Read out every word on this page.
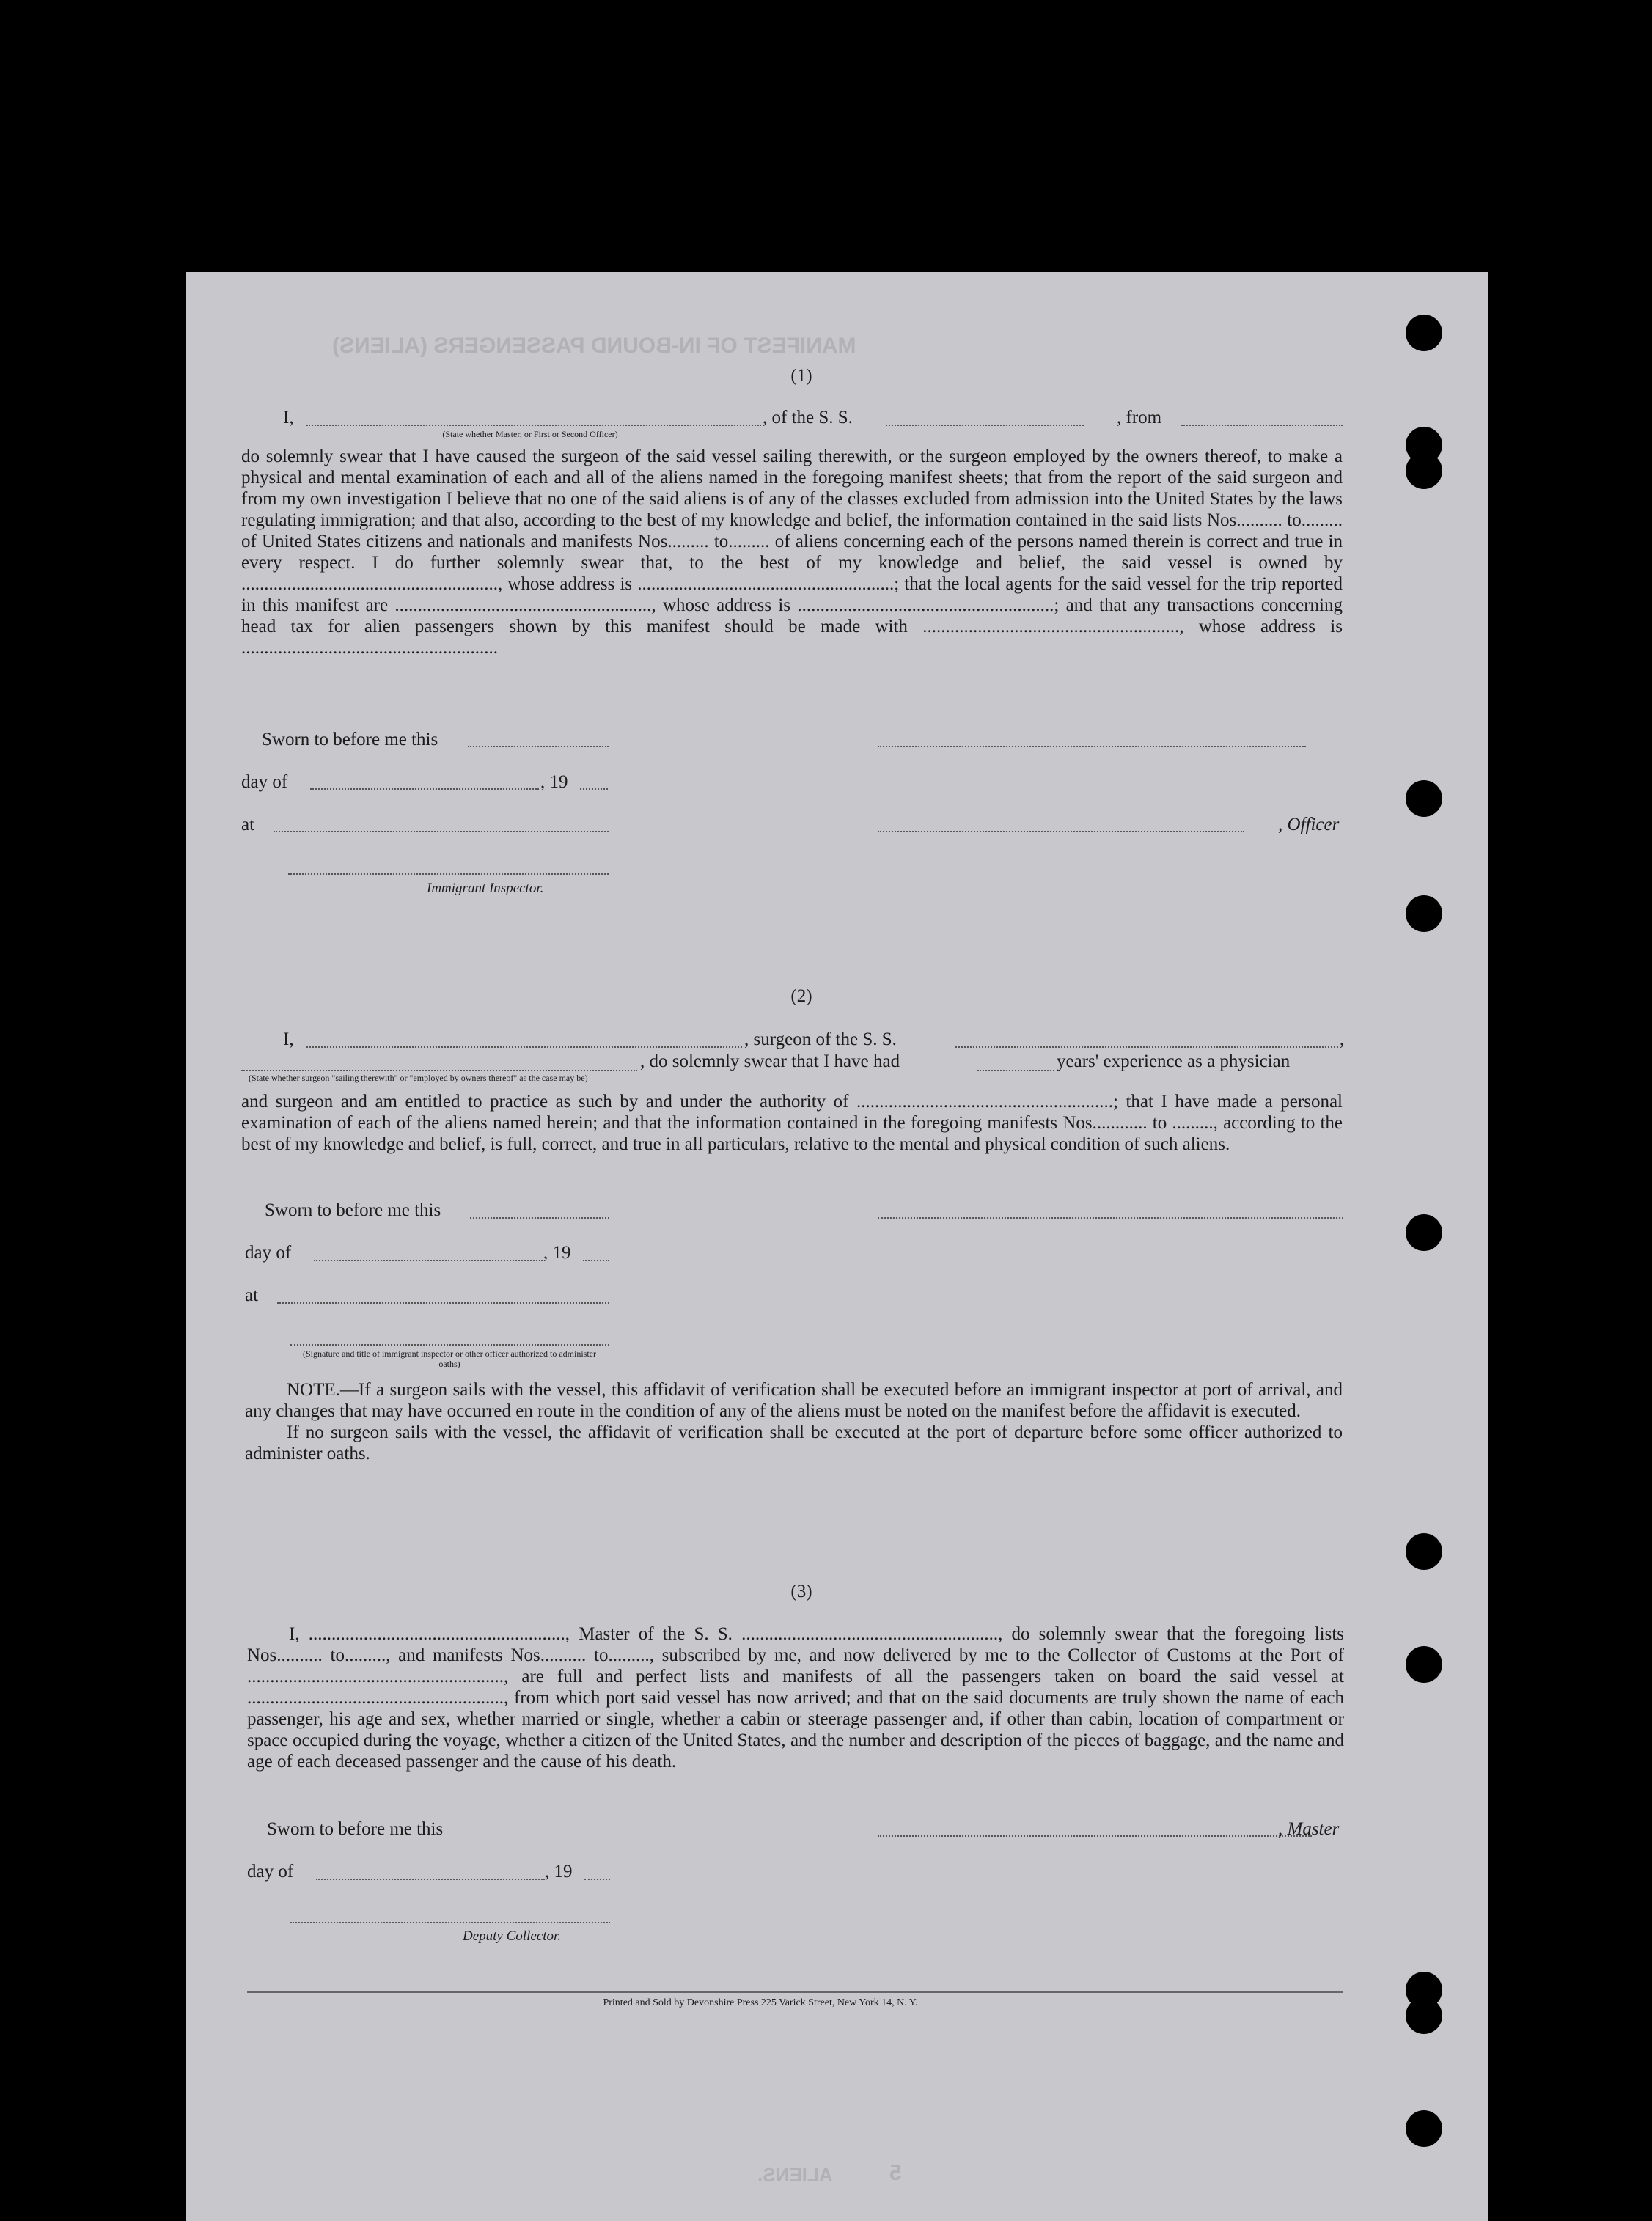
MANIFEST OF IN-BOUND PASSENGERS (ALIENS)
ALIENS.	5
(1)
I,	, of the S. S.	, from
(State whether Master, or First or Second Officer)

do solemnly swear that I have caused the surgeon of the said vessel sailing therewith, or the surgeon employed by the owners thereof, to make a physical and mental examination of each and all of the aliens named in the foregoing manifest sheets; that from the report of the said surgeon and from my own investigation I believe that no one of the said aliens is of any of the classes excluded from admission into the United States by the laws regulating immigration; and that also, according to the best of my knowledge and belief, the information contained in the said lists Nos.......... to......... of United States citizens and nationals and manifests Nos......... to......... of aliens concerning each of the persons named therein is correct and true in every respect. I do further solemnly swear that, to the best of my knowledge and belief, the said vessel is owned by ........................................................, whose address is ........................................................; that the local agents for the said vessel for the trip reported in this manifest are ........................................................, whose address is ........................................................; and that any transactions concerning head tax for alien passengers shown by this manifest should be made with ........................................................, whose address is ........................................................

Sworn to before me this
day of	, 19
at	, Officer
Immigrant Inspector.
(2)
I,	, surgeon of the S. S.	,
, do solemnly swear that I have had	years' experience as a physician
(State whether surgeon "sailing therewith" or "employed by owners thereof" as the case may be)

and surgeon and am entitled to practice as such by and under the authority of ........................................................; that I have made a personal examination of each of the aliens named herein; and that the information contained in the foregoing manifests Nos............ to ........., according to the best of my knowledge and belief, is full, correct, and true in all particulars, relative to the mental and physical condition of such aliens.

Sworn to before me this
day of	, 19
at
(Signature and title of immigrant inspector or other officer authorized to administer oaths)

NOTE.—If a surgeon sails with the vessel, this affidavit of verification shall be executed before an immigrant inspector at port of arrival, and any changes that may have occurred en route in the condition of any of the aliens must be noted on the manifest before the affidavit is executed.

If no surgeon sails with the vessel, the affidavit of verification shall be executed at the port of departure before some officer authorized to administer oaths.

(3)

I, ........................................................, Master of the S. S. ........................................................, do solemnly swear that the foregoing lists Nos.......... to........., and manifests Nos.......... to........., subscribed by me, and now delivered by me to the Collector of Customs at the Port of ........................................................, are full and perfect lists and manifests of all the passengers taken on board the said vessel at ........................................................, from which port said vessel has now arrived; and that on the said documents are truly shown the name of each passenger, his age and sex, whether married or single, whether a cabin or steerage passenger and, if other than cabin, location of compartment or space occupied during the voyage, whether a citizen of the United States, and the number and description of the pieces of baggage, and the name and age of each deceased passenger and the cause of his death.

Sworn to before me this	, Master
day of	, 19
Deputy Collector.
Printed and Sold by Devonshire Press 225 Varick Street, New York 14, N. Y.
